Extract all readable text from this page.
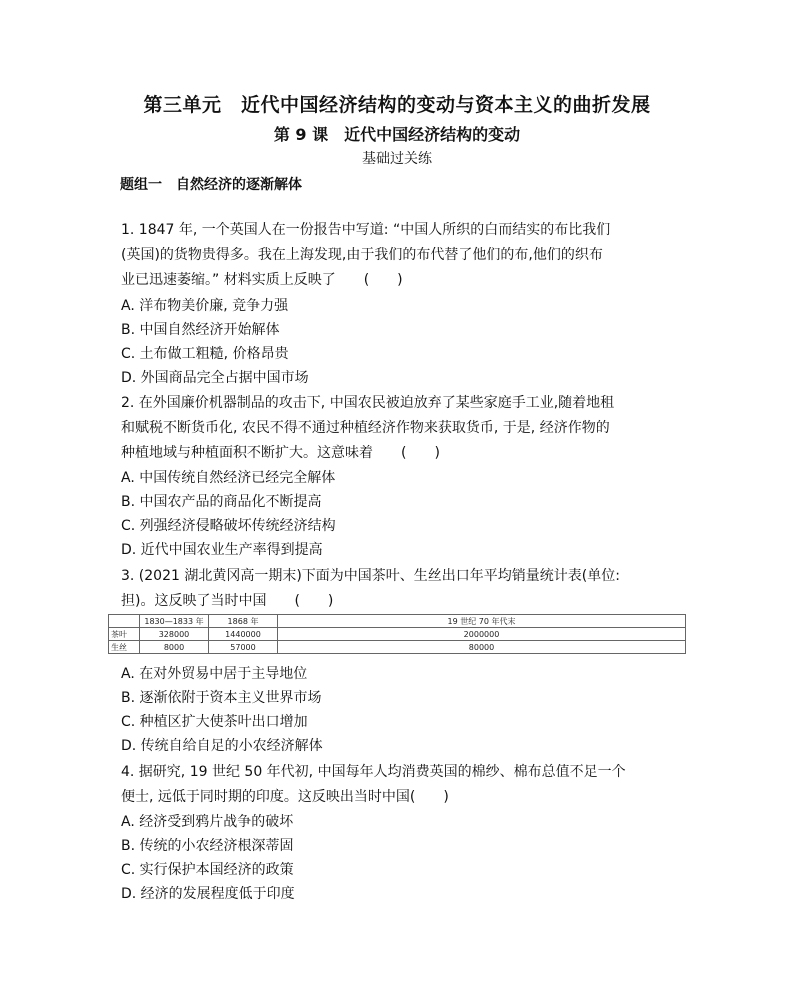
第三单元　近代中国经济结构的变动与资本主义的曲折发展
第 9 课　近代中国经济结构的变动
基础过关练
题组一　自然经济的逐渐解体
1. 1847 年, 一个英国人在一份报告中写道: “中国人所织的白而结实的布比我们
(英国)的货物贵得多。我在上海发现,由于我们的布代替了他们的布,他们的织布
业已迅速萎缩。” 材料实质上反映了　　(　　)
A. 洋布物美价廉, 竞争力强
B. 中国自然经济开始解体
C. 土布做工粗糙, 价格昂贵
D. 外国商品完全占据中国市场
2. 在外国廉价机器制品的攻击下, 中国农民被迫放弃了某些家庭手工业,随着地租
和赋税不断货币化, 农民不得不通过种植经济作物来获取货币, 于是, 经济作物的
种植地域与种植面积不断扩大。这意味着　　(　　)
A. 中国传统自然经济已经完全解体
B. 中国农产品的商品化不断提高
C. 列强经济侵略破坏传统经济结构
D. 近代中国农业生产率得到提高
3. (2021 湖北黄冈高一期末)下面为中国茶叶、生丝出口年平均销量统计表(单位:
担)。这反映了当时中国　　(　　)
	1830—1833 年	1868 年	19 世纪 70 年代末
茶叶	328000	1440000	2000000
生丝	8000	57000	80000
A. 在对外贸易中居于主导地位
B. 逐渐依附于资本主义世界市场
C. 种植区扩大使茶叶出口增加
D. 传统自给自足的小农经济解体
4. 据研究, 19 世纪 50 年代初, 中国每年人均消费英国的棉纱、棉布总值不足一个
便士, 远低于同时期的印度。这反映出当时中国(　　)
A. 经济受到鸦片战争的破坏
B. 传统的小农经济根深蒂固
C. 实行保护本国经济的政策
D. 经济的发展程度低于印度
